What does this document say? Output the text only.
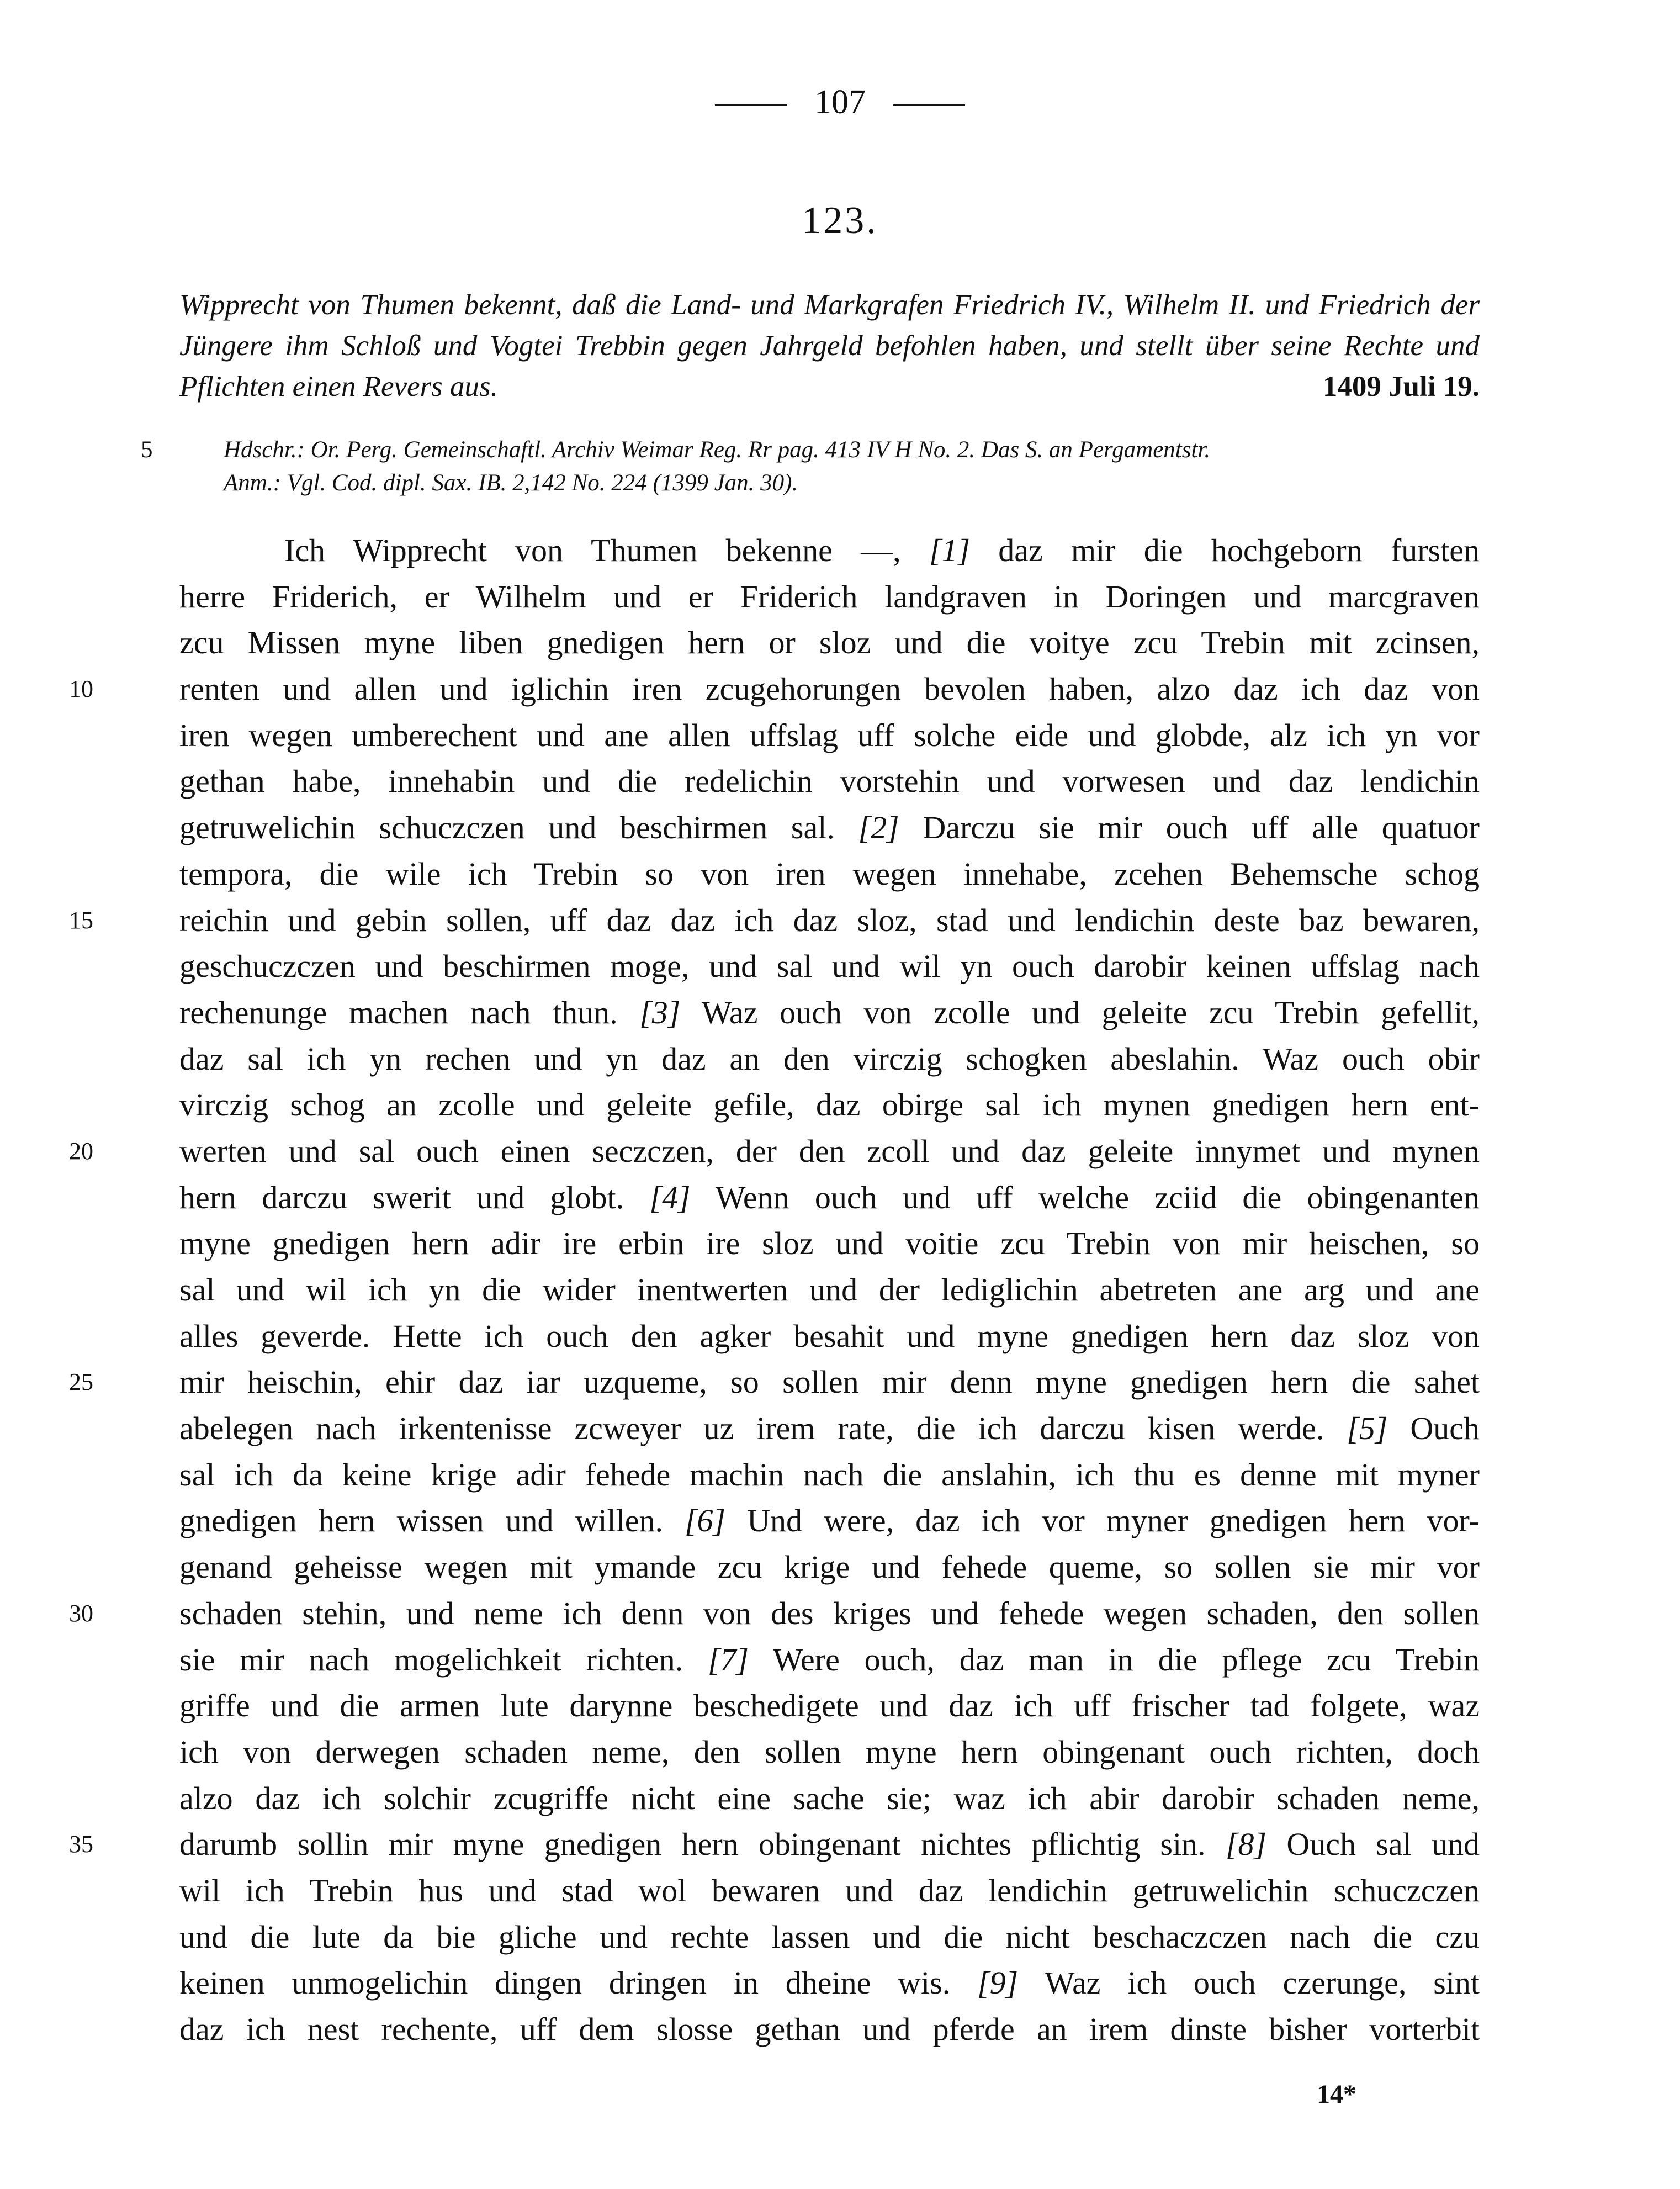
107
123.
Wipprecht von Thumen bekennt, daß die Land- und Markgrafen Friedrich IV., Wilhelm II. und Friedrich der Jüngere ihm Schloß und Vogtei Trebbin gegen Jahrgeld befohlen haben, und stellt über seine Rechte und Pflichten einen Revers aus.	1409 Juli 19.
5	Hdschr.: Or. Perg. Gemeinschaftl. Archiv Weimar Reg. Rr pag. 413 IV H No. 2. Das S. an Pergamentstr.
Anm.: Vgl. Cod. dipl. Sax. IB. 2,142 No. 224 (1399 Jan. 30).
Ich Wipprecht von Thumen bekenne —, [1] daz mir die hochgeborn fursten
herre Friderich, er Wilhelm und er Friderich landgraven in Doringen und marcgraven
zcu Missen myne liben gnedigen hern or sloz und die voitye zcu Trebin mit zcinsen,
10	renten und allen und iglichin iren zcugehorungen bevolen haben, alzo daz ich daz von
iren wegen umberechent und ane allen uffslag uff solche eide und globde, alz ich yn vor
gethan habe, innehabin und die redelichin vorstehin und vorwesen und daz lendichin
getruwelichin schuczczen und beschirmen sal. [2] Darczu sie mir ouch uff alle quatuor
tempora, die wile ich Trebin so von iren wegen innehabe, zcehen Behemsche schog
15	reichin und gebin sollen, uff daz daz ich daz sloz, stad und lendichin deste baz bewaren,
geschuczczen und beschirmen moge, und sal und wil yn ouch darobir keinen uffslag nach
rechenunge machen nach thun. [3] Waz ouch von zcolle und geleite zcu Trebin gefellit,
daz sal ich yn rechen und yn daz an den virczig schogken abeslahin. Waz ouch obir
virczig schog an zcolle und geleite gefile, daz obirge sal ich mynen gnedigen hern ent-
20	werten und sal ouch einen seczczen, der den zcoll und daz geleite innymet und mynen
hern darczu swerit und globt. [4] Wenn ouch und uff welche zciid die obingenanten
myne gnedigen hern adir ire erbin ire sloz und voitie zcu Trebin von mir heischen, so
sal und wil ich yn die wider inentwerten und der lediglichin abetreten ane arg und ane
alles geverde. Hette ich ouch den agker besahit und myne gnedigen hern daz sloz von
25	mir heischin, ehir daz iar uzqueme, so sollen mir denn myne gnedigen hern die sahet
abelegen nach irkentenisse zcweyer uz irem rate, die ich darczu kisen werde. [5] Ouch
sal ich da keine krige adir fehede machin nach die anslahin, ich thu es denne mit myner
gnedigen hern wissen und willen. [6] Und were, daz ich vor myner gnedigen hern vor-
genand geheisse wegen mit ymande zcu krige und fehede queme, so sollen sie mir vor
30	schaden stehin, und neme ich denn von des kriges und fehede wegen schaden, den sollen
sie mir nach mogelichkeit richten. [7] Were ouch, daz man in die pflege zcu Trebin
griffe und die armen lute darynne beschedigete und daz ich uff frischer tad folgete, waz
ich von derwegen schaden neme, den sollen myne hern obingenant ouch richten, doch
alzo daz ich solchir zcugriffe nicht eine sache sie; waz ich abir darobir schaden neme,
35	darumb sollin mir myne gnedigen hern obingenant nichtes pflichtig sin. [8] Ouch sal und
wil ich Trebin hus und stad wol bewaren und daz lendichin getruwelichin schuczczen
und die lute da bie gliche und rechte lassen und die nicht beschaczczen nach die czu
keinen unmogelichin dingen dringen in dheine wis. [9] Waz ich ouch czerunge, sint
daz ich nest rechente, uff dem slosse gethan und pferde an irem dinste bisher vorterbit
14*
